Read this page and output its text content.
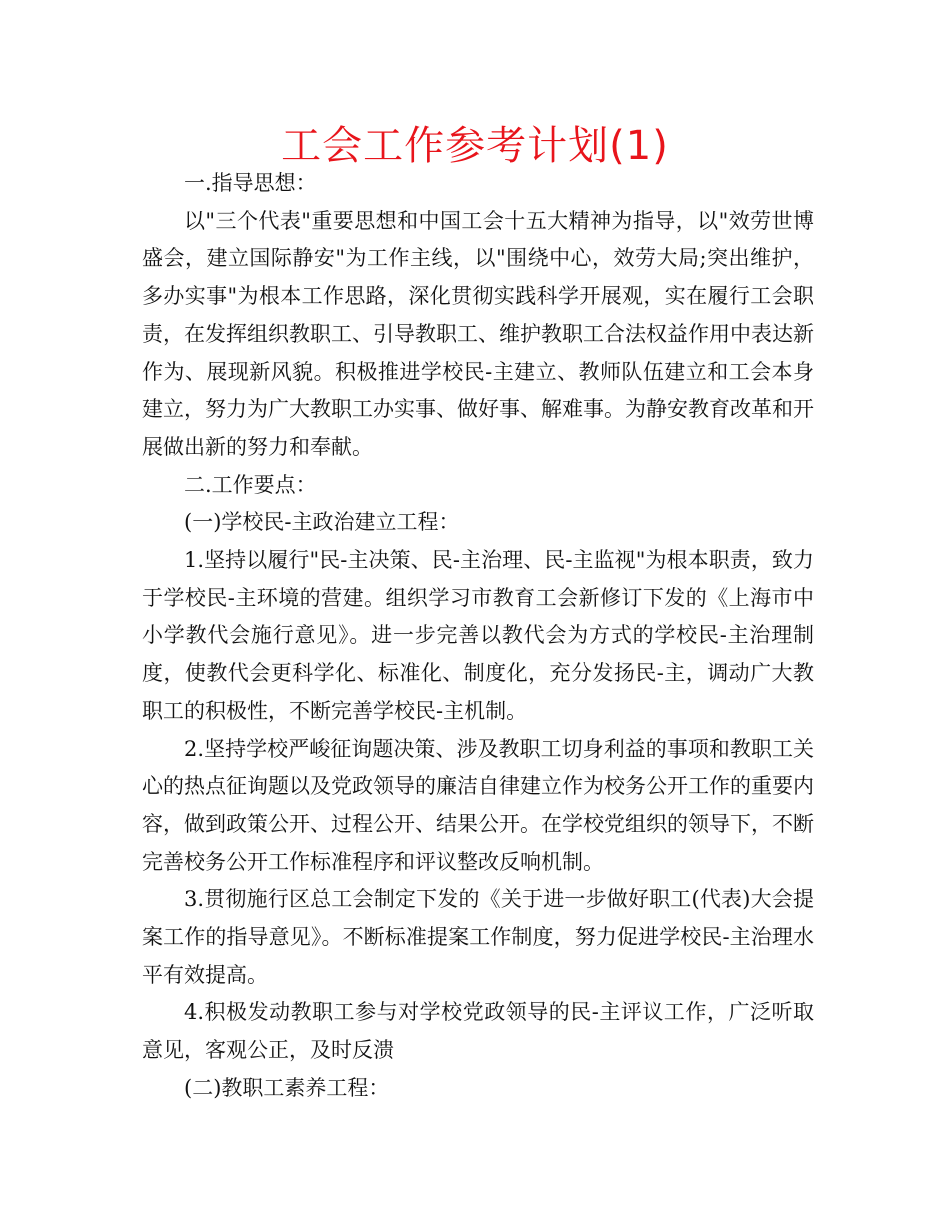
工会工作参考计划(1)

一.指导思想：

以"三个代表"重要思想和中国工会十五大精神为指导，以"效劳世博盛会，建立国际静安"为工作主线，以"围绕中心，效劳大局;突出维护，多办实事"为根本工作思路，深化贯彻实践科学开展观，实在履行工会职责，在发挥组织教职工、引导教职工、维护教职工合法权益作用中表达新作为、展现新风貌。积极推进学校民-主建立、教师队伍建立和工会本身建立，努力为广大教职工办实事、做好事、解难事。为静安教育改革和开展做出新的努力和奉献。

二.工作要点：

(一)学校民-主政治建立工程：

1.坚持以履行"民-主决策、民-主治理、民-主监视"为根本职责，致力于学校民-主环境的营建。组织学习市教育工会新修订下发的《上海市中小学教代会施行意见》。进一步完善以教代会为方式的学校民-主治理制度，使教代会更科学化、标准化、制度化，充分发扬民-主，调动广大教职工的积极性，不断完善学校民-主机制。

2.坚持学校严峻征询题决策、涉及教职工切身利益的事项和教职工关心的热点征询题以及党政领导的廉洁自律建立作为校务公开工作的重要内容，做到政策公开、过程公开、结果公开。在学校党组织的领导下，不断完善校务公开工作标准程序和评议整改反响机制。

3.贯彻施行区总工会制定下发的《关于进一步做好职工(代表)大会提案工作的指导意见》。不断标准提案工作制度，努力促进学校民-主治理水平有效提高。

4.积极发动教职工参与对学校党政领导的民-主评议工作，广泛听取意见，客观公正，及时反溃

(二)教职工素养工程：
